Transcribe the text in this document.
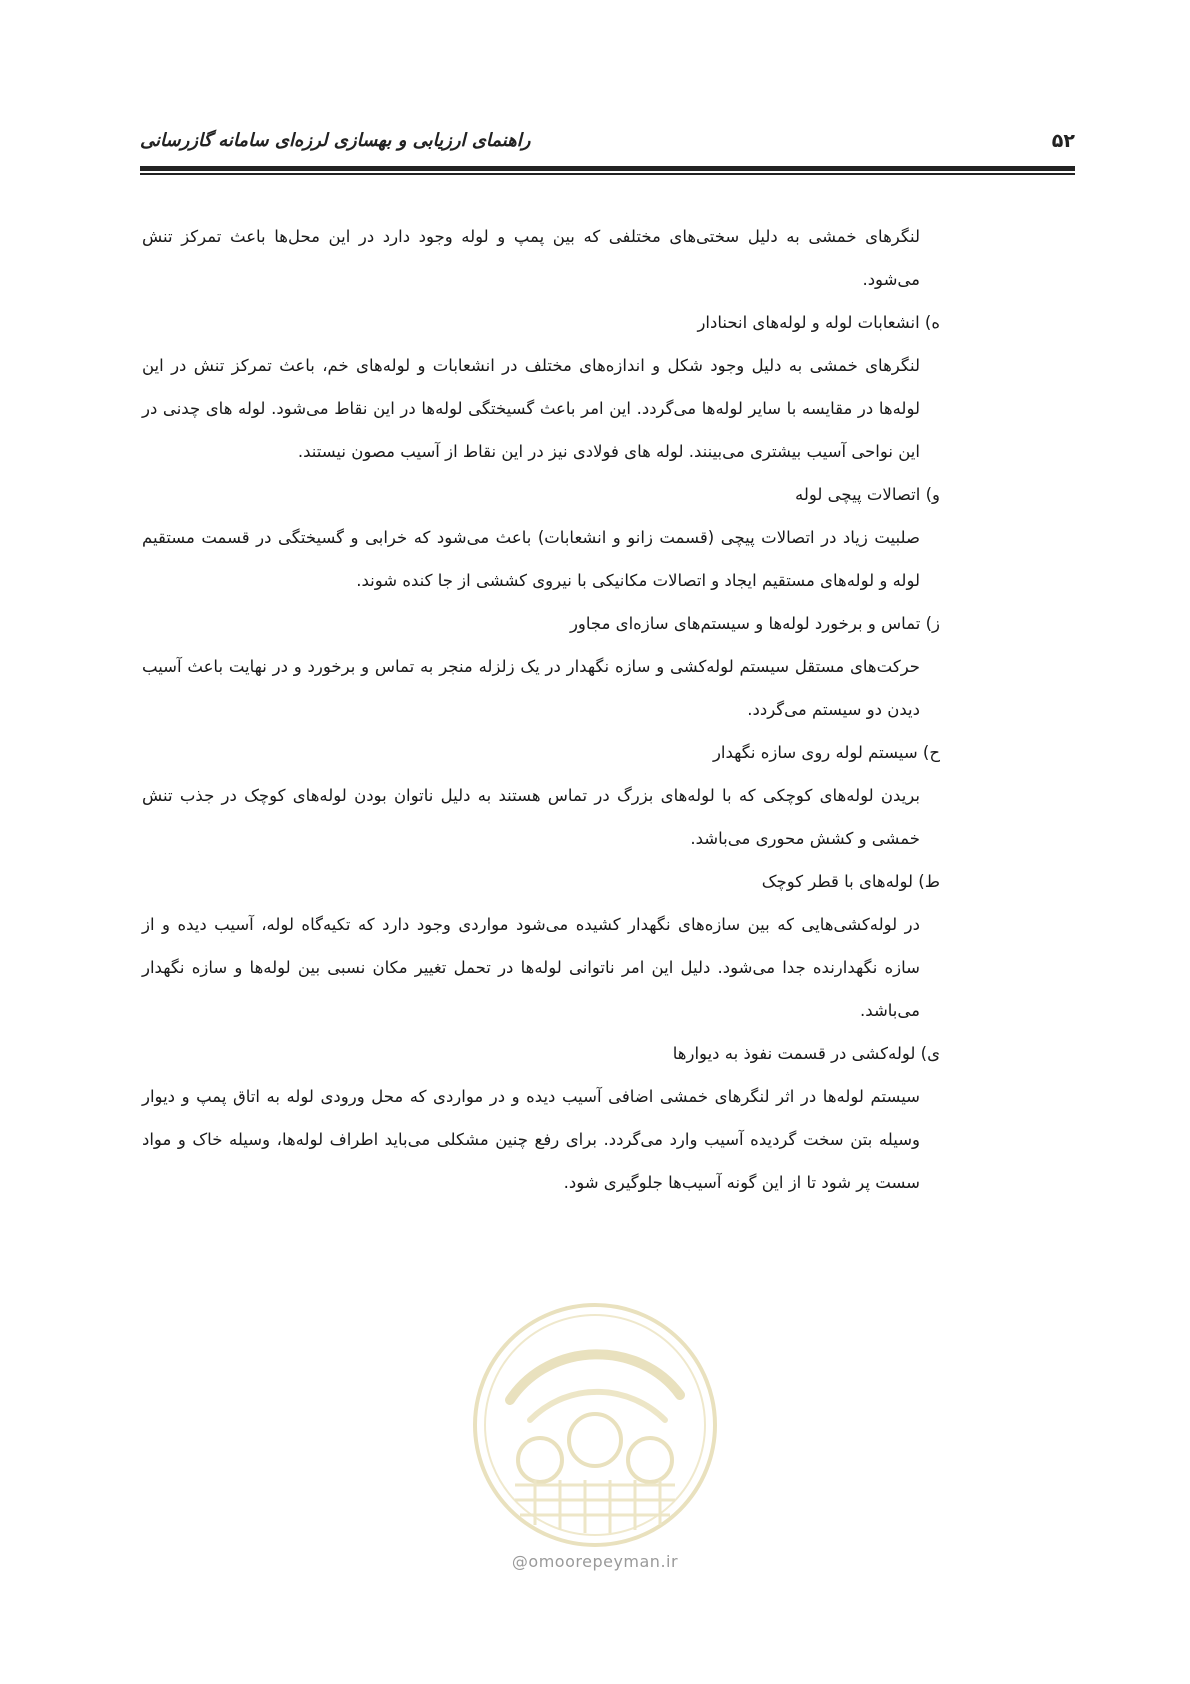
راهنمای ارزیابی و بهسازی لرزه‌ای سامانه گازرسانی	۵۲

لنگرهای خمشی به دلیل سختی‌های مختلفی که بین پمپ و لوله وجود دارد در این محل‌ها باعث تمرکز تنش می‌شود.

ه) انشعابات لوله و لوله‌های انحنادار

لنگرهای خمشی به دلیل وجود شکل و اندازه‌های مختلف در انشعابات و لوله‌های خم، باعث تمرکز تنش در این لوله‌ها در مقایسه با سایر لوله‌ها می‌گردد. این امر باعث گسیختگی لوله‌ها در این نقاط می‌شود. لوله های چدنی در این نواحی آسیب بیشتری می‌بینند. لوله های فولادی نیز در این نقاط از آسیب مصون نیستند.

و) اتصالات پیچی لوله

صلبیت زیاد در اتصالات پیچی (قسمت زانو و انشعابات) باعث می‌شود که خرابی و گسیختگی در قسمت مستقیم لوله و لوله‌های مستقیم ایجاد و اتصالات مکانیکی با نیروی کششی از جا کنده شوند.

ز) تماس و برخورد لوله‌ها و سیستم‌های سازه‌ای مجاور

حرکت‌های مستقل سیستم لوله‌کشی و سازه نگهدار در یک زلزله منجر به تماس و برخورد و در نهایت باعث آسیب دیدن دو سیستم می‌گردد.

ح) سیستم لوله روی سازه نگهدار

بریدن لوله‌های کوچکی که با لوله‌های بزرگ در تماس هستند به دلیل ناتوان بودن لوله‌های کوچک در جذب تنش خمشی و کشش محوری می‌باشد.

ط) لوله‌های با قطر کوچک

در لوله‌کشی‌هایی که بین سازه‌های نگهدار کشیده می‌شود مواردی وجود دارد که تکیه‌گاه لوله، آسیب دیده و از سازه نگهدارنده جدا می‌شود. دلیل این امر ناتوانی لوله‌ها در تحمل تغییر مکان نسبی بین لوله‌ها و سازه نگهدار می‌باشد.

ی) لوله‌کشی در قسمت نفوذ به دیوارها

سیستم لوله‌ها در اثر لنگرهای خمشی اضافی آسیب دیده و در مواردی که محل ورودی لوله به اتاق پمپ و دیوار وسیله بتن سخت گردیده آسیب وارد می‌گردد. برای رفع چنین مشکلی می‌باید اطراف لوله‌ها، وسیله خاک و مواد سست پر شود تا از این گونه آسیب‌ها جلوگیری شود.

@omoorepeyman.ir
